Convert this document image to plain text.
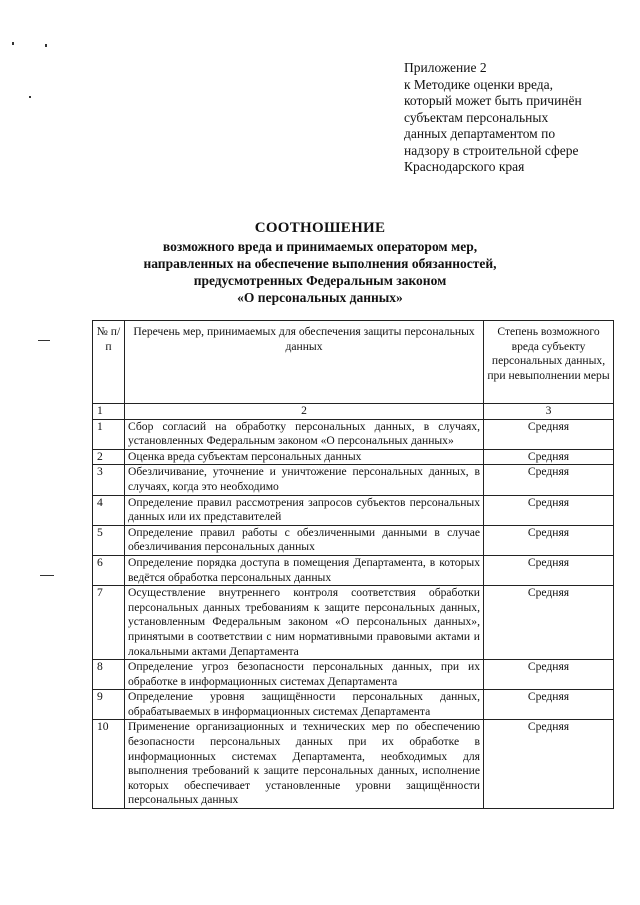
Приложение 2
к Методике оценки вреда,
который может быть причинён
субъектам персональных
данных департаментом по
надзору в строительной сфере
Краснодарского края
СООТНОШЕНИЕ
возможного вреда и принимаемых оператором мер,
направленных на обеспечение выполнения обязанностей,
предусмотренных Федеральным законом
«О персональных данных»
№ п/п	Перечень мер, принимаемых для обеспечения защиты персональных данных	Степень возможного вреда субъекту персональных данных, при невыполнении меры
1	2	3
1	Сбор согласий на обработку персональных данных, в случаях, установленных Федеральным законом «О персональных данных»	Средняя
2	Оценка вреда субъектам персональных данных	Средняя
3	Обезличивание, уточнение и уничтожение персональных данных, в случаях, когда это необходимо	Средняя
4	Определение правил рассмотрения запросов субъектов персональных данных или их представителей	Средняя
5	Определение правил работы с обезличенными данными в случае обезличивания персональных данных	Средняя
6	Определение порядка доступа в помещения Департамента, в которых ведётся обработка персональных данных	Средняя
7	Осуществление внутреннего контроля соответствия обработки персональных данных требованиям к защите персональных данных, установленным Федеральным законом «О персональных данных», принятыми в соответствии с ним нормативными правовыми актами и локальными актами Департамента	Средняя
8	Определение угроз безопасности персональных данных, при их обработке в информационных системах Департамента	Средняя
9	Определение уровня защищённости персональных данных, обрабатываемых в информационных системах Департамента	Средняя
10	Применение организационных и технических мер по обеспечению безопасности персональных данных при их обработке в информационных системах Департамента, необходимых для выполнения требований к защите персональных данных, исполнение которых обеспечивает установленные уровни защищённости персональных данных	Средняя
